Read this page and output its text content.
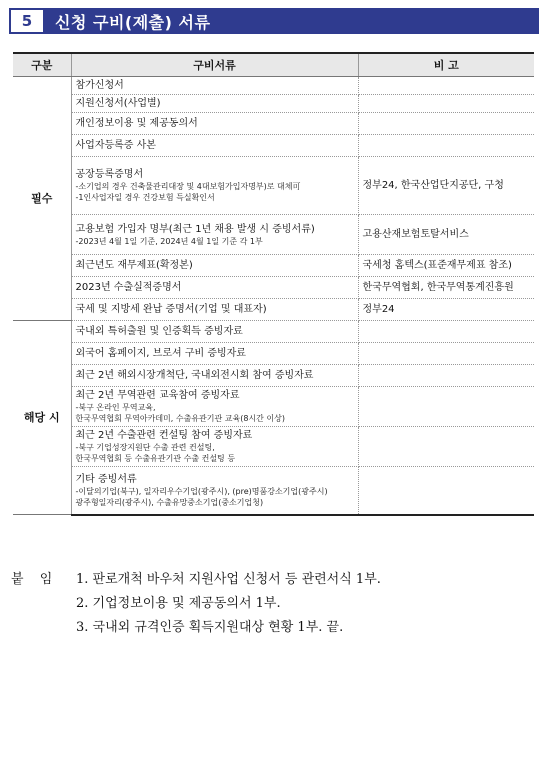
5	신청 구비(제출) 서류
구분	구비서류	비 고
필수	참가신청서	

	지원신청서(사업별)	

	개인정보이용 및 제공동의서	

	사업자등록증 사본	

	공장등록증명서
-소기업의 경우 건축물관리대장 및 4대보험가입자명부)로 대체可
-1인사업자일 경우 건강보험 득실확인서	정부24, 한국산업단지공단, 구청

	고용보험 가입자 명부(최근 1년 채용 발생 시 증빙서류)
-2023년 4월 1일 기준, 2024년 4월 1일 기준 각 1부	고용산재보험토탈서비스

	최근년도 재무제표(확정본)	국세청 홈텍스(표준재무제표 참조)

	2023년 수출실적증명서	한국무역협회, 한국무역통계진흥원

	국세 및 지방세 완납 증명서(기업 및 대표자)	정부24
해당 시	국내외 특허출원 및 인증획득 증빙자료	

	외국어 홈페이지, 브로셔 구비 증빙자료	

	최근 2년 해외시장개척단, 국내외전시회 참여 증빙자료	

	최근 2년 무역관련 교육참여 증빙자료
-북구 온라인 무역교육,
한국무역협회 무역아카데미, 수출유관기관 교육(8시간 이상)	

	최근 2년 수출관련 컨설팅 참여 증빙자료
-북구 기업성장지원단 수출 관련 컨설팅,
한국무역협회 등 수출유관기관 수출 컨설팅 등	

	기타 증빙서류
-이달의기업(북구), 일자리우수기업(광주시), (pre)명품강소기업(광주시)
광주형일자리(광주시), 수출유망중소기업(중소기업청)	

붙 임	1. 판로개척 바우처 지원사업 신청서 등 관련서식 1부.
2. 기업정보이용 및 제공동의서 1부.
3. 국내외 규격인증 획득지원대상 현황 1부. 끝.
